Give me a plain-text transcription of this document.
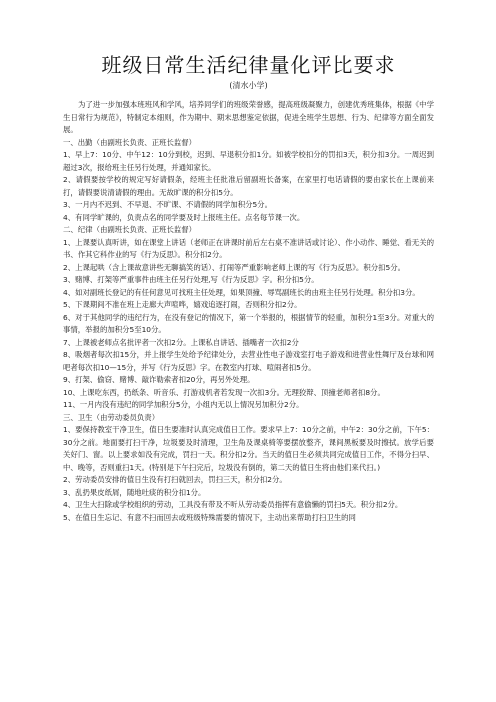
班级日常生活纪律量化评比要求
(清水小学)

为了进一步加强本班班风和学风，培养同学们的班级荣誉感，提高班级凝聚力，创建优秀班集体，根据《中学生日常行为规范》，特制定本细则，作为期中、期末思想鉴定依据，促进全班学生思想、行为、纪律等方面全面发展。

一、出勤（由副班长负责、正班长监督）

1、早上7：10分、中午12：10分到校，迟到、早退积分扣1分。如被学校扣分的罚扣3天，积分扣3分。一周迟到超过3次，报给班主任另行处理，并通知家长。

2、请假要按学校的规定写好请假条，经班主任批准后留副班长备案，在家里打电话请假的要由家长在上课前来打，请假要说清请假的理由。无故旷课的积分扣5分。

3、一月内不迟到、不早退、不旷课、不请假的同学加积分5分。

4、有同学旷课的，负责点名的同学要及时上报班主任。点名每节课一次。

二、纪律（由副班长负责、正班长监督）

1、上课要认真听讲，如在课堂上讲话（老师正在讲课时前后左右桌不准讲话或讨论）、作小动作、睡觉、看无关的书、作其它科作业的写《行为反思》。积分扣2分。

2、上课起哄（含上课故意讲些无聊搞笑的话）、打闹等严重影响老师上课的写《行为反思》。积分扣5分。

3、赌博、打架等严重事件由班主任另行处理,写《行为反思》字。积分扣5分。

4、如对副班长登记的有任何意见可找班主任处理，如果顶撞、辱骂副班长的由班主任另行处理。积分扣3分。

5、下课期间不准在班上走廊大声喧哗，嬉戏追逐打闹，否则积分扣2分。

6、对于其他同学的违纪行为，在没有登记的情况下，第一个举报的，根据情节的轻重，加积分1至3分。对重大的事情，举报的加积分5至10分。

7、上课被老师点名批评者一次扣2分。上课私自讲话、插嘴者一次扣2分

8、吸烟者每次扣15分，并上报学生处给予纪律处分，去营业性电子游戏室打电子游戏和进营业性舞厅及台球和网吧者每次扣10—15分，并写《行为反思》字。在教室内打球、喧闹者扣5分。

9、打架、偷窃、赌博、敲诈勒索者扣20分，再另外处理。

10、上课吃东西，扔纸条、听音乐、打游戏机者若发现一次扣3分。无理狡辩、顶撞老师者扣8分。

11、一月内没有违纪的同学加积分5分，小组内无以上情况另加积分2分。

三、卫生（由劳动委员负责）

1、要保持教室干净卫生，值日生要准时认真完成值日工作。要求早上7：10分之前，中午2：30分之前，下午5：30分之前。地面要打扫干净，垃圾要及时清理，卫生角及课桌椅等要摆放整齐，课间黑板要及时擦拭。放学后要关好门、窗。以上要求如没有完成，罚扫一天。积分扣2分。当天的值日生必须共同完成值日工作，不得分扫早、中、晚等，否则重扫1天。(特别是下午扫完后，垃圾没有倒的，第二天的值日生将由他们来代扫。)

2、劳动委员安排的值日生没有打扫就回去，罚扫三天，积分扣2分。

3、乱扔果皮纸屑，随地吐痰的积分扣1分。

4、卫生大扫除或学校组织的劳动，工具没有带及不听从劳动委员指挥有意偷懒的罚扫5天。积分扣2分。

5、在值日生忘记、有意不扫而回去或班级特殊需要的情况下，主动出来帮助打扫卫生的同
